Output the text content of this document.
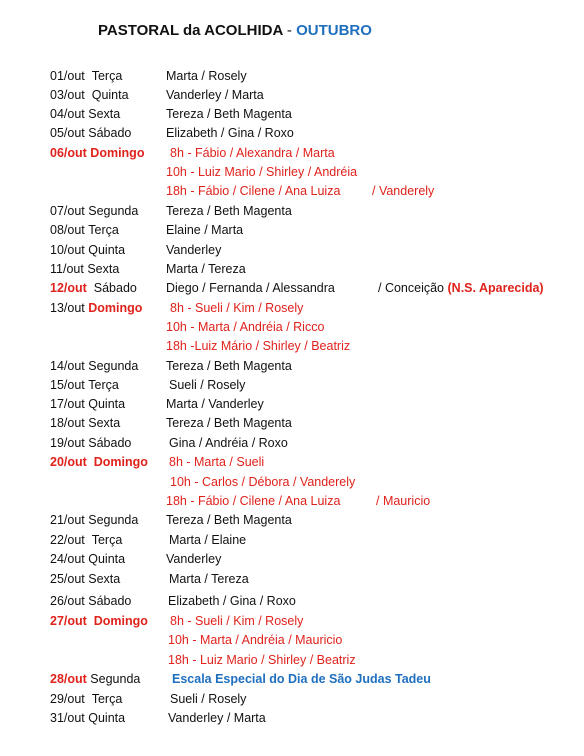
PASTORAL da ACOLHIDA - OUTUBRO
01/out Terça	Marta / Rosely
03/out Quinta	Vanderley / Marta
04/out Sexta	Tereza / Beth Magenta
05/out Sábado	Elizabeth / Gina / Roxo
06/out Domingo 8h - Fábio / Alexandra / Marta
10h - Luiz Mario / Shirley / Andréia
18h - Fábio / Cilene / Ana Luiza	/ Vanderely
07/out Segunda Tereza / Beth Magenta
08/out Terça	Elaine / Marta
10/out Quinta	Vanderley
11/out Sexta	Marta / Tereza
12/out Sábado Diego / Fernanda / Alessandra	/ Conceição (N.S. Aparecida)
13/out Domingo 8h - Sueli / Kim / Rosely
10h - Marta / Andréia / Ricco
18h -Luiz Mário / Shirley / Beatriz
14/out Segunda Tereza / Beth Magenta
15/out Terça	Sueli / Rosely
17/out Quinta	Marta / Vanderley
18/out Sexta	Tereza / Beth Magenta
19/out Sábado	Gina / Andréia / Roxo
20/out Domingo 8h - Marta / Sueli
10h - Carlos / Débora / Vanderely
18h - Fábio / Cilene / Ana Luiza	/ Mauricio
21/out Segunda Tereza / Beth Magenta
22/out Terça	Marta / Elaine
24/out Quinta	Vanderley
25/out Sexta	Marta / Tereza
26/out Sábado	Elizabeth / Gina / Roxo
27/out Domingo 8h - Sueli / Kim / Rosely
10h - Marta / Andréia / Mauricio
18h - Luiz Mario / Shirley / Beatriz
28/out Segunda	Escala Especial do Dia de São Judas Tadeu
29/out Terça	Sueli / Rosely
31/out Quinta	Vanderley / Marta
